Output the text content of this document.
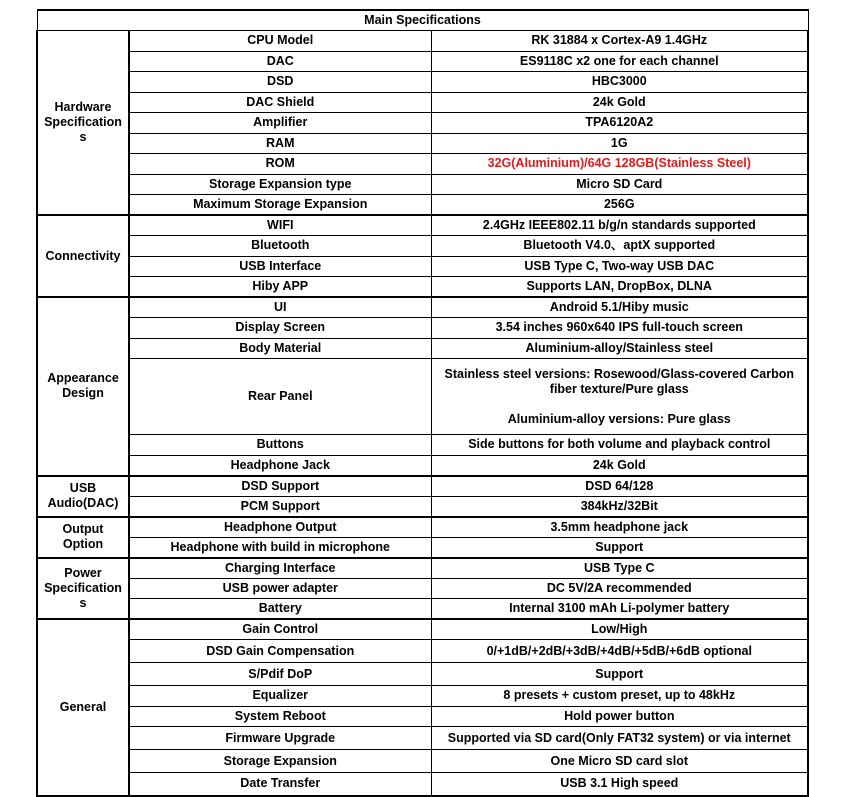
Main Specifications		
Hardware Specification s	CPU Model	RK 31884 x Cortex-A9 1.4GHz
	DAC	ES9118C x2 one for each channel
	DSD	HBC3000
	DAC Shield	24k Gold
	Amplifier	TPA6120A2
	RAM	1G
	ROM	32G(Aluminium)/64G 128GB(Stainless Steel)
	Storage Expansion type	Micro SD Card
	Maximum Storage Expansion	256G
Connectivity	WIFI	2.4GHz IEEE802.11 b/g/n standards supported
	Bluetooth	Bluetooth V4.0、aptX supported
	USB Interface	USB Type C, Two-way USB DAC
	Hiby APP	Supports LAN, DropBox, DLNA
Appearance Design	UI	Android 5.1/Hiby music
	Display Screen	3.54 inches 960x640 IPS full-touch screen
	Body Material	Aluminium-alloy/Stainless steel
	Rear Panel	Stainless steel versions: Rosewood/Glass-covered Carbon fiber texture/Pure glass
Aluminium-alloy versions: Pure glass
	Buttons	Side buttons for both volume and playback control
	Headphone Jack	24k Gold
USB Audio(DAC)	DSD Support	DSD 64/128
	PCM Support	384kHz/32Bit
Output Option	Headphone Output	3.5mm headphone jack
	Headphone with build in microphone	Support
Power Specification s	Charging Interface	USB Type C
	USB power adapter	DC 5V/2A recommended
	Battery	Internal 3100 mAh Li-polymer battery
General	Gain Control	Low/High
	DSD Gain Compensation	0/+1dB/+2dB/+3dB/+4dB/+5dB/+6dB optional
	S/Pdif DoP	Support
	Equalizer	8 presets + custom preset, up to 48kHz
	System Reboot	Hold power button
	Firmware Upgrade	Supported via SD card(Only FAT32 system) or via internet
	Storage Expansion	One Micro SD card slot
	Date Transfer	USB 3.1 High speed
